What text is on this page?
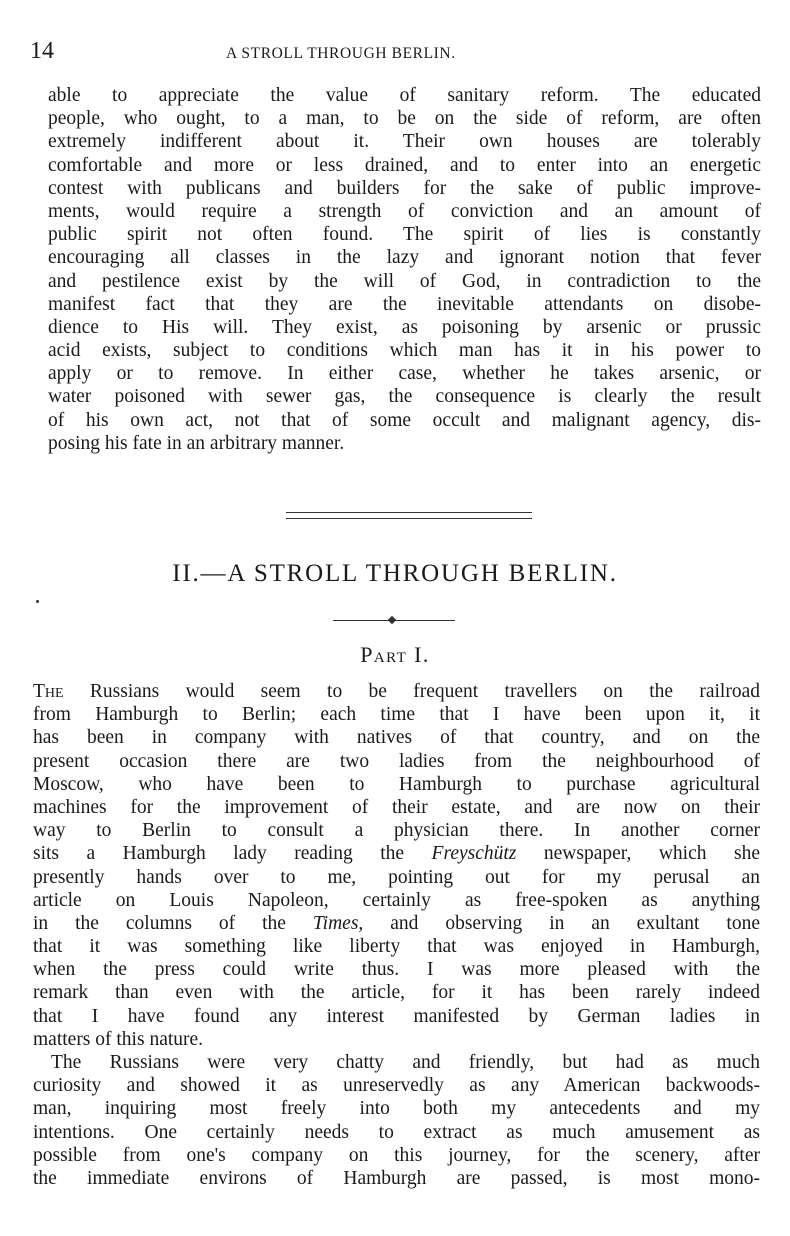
14	A STROLL THROUGH BERLIN.
able to appreciate the value of sanitary reform. The educated
people, who ought, to a man, to be on the side of reform, are often
extremely indifferent about it. Their own houses are tolerably
comfortable and more or less drained, and to enter into an energetic
contest with publicans and builders for the sake of public improve-
ments, would require a strength of conviction and an amount of
public spirit not often found. The spirit of lies is constantly
encouraging all classes in the lazy and ignorant notion that fever
and pestilence exist by the will of God, in contradiction to the
manifest fact that they are the inevitable attendants on disobe-
dience to His will. They exist, as poisoning by arsenic or prussic
acid exists, subject to conditions which man has it in his power to
apply or to remove. In either case, whether he takes arsenic, or
water poisoned with sewer gas, the consequence is clearly the result
of his own act, not that of some occult and malignant agency, dis-
posing his fate in an arbitrary manner.
II.—A STROLL THROUGH BERLIN.
Part I.
The Russians would seem to be frequent travellers on the railroad
from Hamburgh to Berlin; each time that I have been upon it, it
has been in company with natives of that country, and on the
present occasion there are two ladies from the neighbourhood of
Moscow, who have been to Hamburgh to purchase agricultural
machines for the improvement of their estate, and are now on their
way to Berlin to consult a physician there. In another corner
sits a Hamburgh lady reading the Freyschütz newspaper, which she
presently hands over to me, pointing out for my perusal an
article on Louis Napoleon, certainly as free-spoken as anything
in the columns of the Times, and observing in an exultant tone
that it was something like liberty that was enjoyed in Hamburgh,
when the press could write thus. I was more pleased with the
remark than even with the article, for it has been rarely indeed
that I have found any interest manifested by German ladies in
matters of this nature.
The Russians were very chatty and friendly, but had as much
curiosity and showed it as unreservedly as any American backwoods-
man, inquiring most freely into both my antecedents and my
intentions. One certainly needs to extract as much amusement as
possible from one's company on this journey, for the scenery, after
the immediate environs of Hamburgh are passed, is most mono-
